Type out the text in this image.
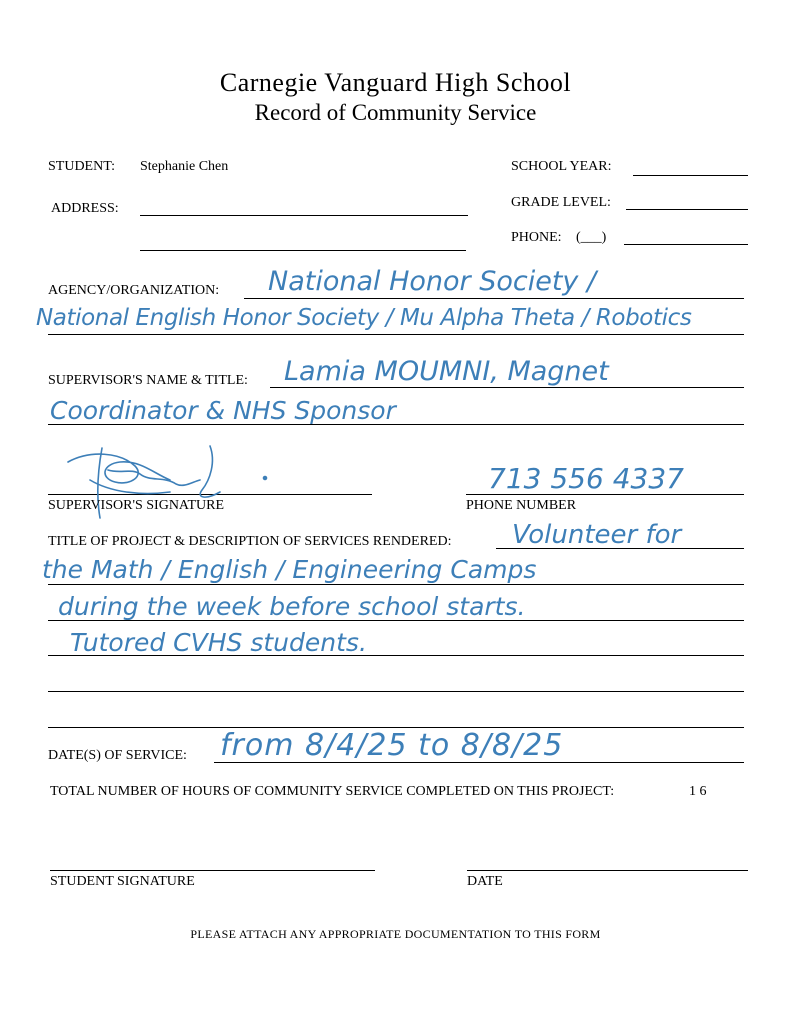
Carnegie Vanguard High School
Record of Community Service
STUDENT: Stephanie Chen	SCHOOL YEAR:
ADDRESS:	GRADE LEVEL:
PHONE: (___)
AGENCY/ORGANIZATION: National Honor Society /
National English Honor Society / Mu Alpha Theta / Robotics
SUPERVISOR'S NAME & TITLE: Lamia MOUMNI, Magnet
Coordinator & NHS Sponsor
SUPERVISOR'S SIGNATURE
713 556 4337
PHONE NUMBER
TITLE OF PROJECT & DESCRIPTION OF SERVICES RENDERED: Volunteer for
the Math / English / Engineering Camps
during the week before school starts.
Tutored CVHS students.
DATE(S) OF SERVICE: from 8/4/25 to 8/8/25
TOTAL NUMBER OF HOURS OF COMMUNITY SERVICE COMPLETED ON THIS PROJECT:	1 6
STUDENT SIGNATURE	DATE
PLEASE ATTACH ANY APPROPRIATE DOCUMENTATION TO THIS FORM
